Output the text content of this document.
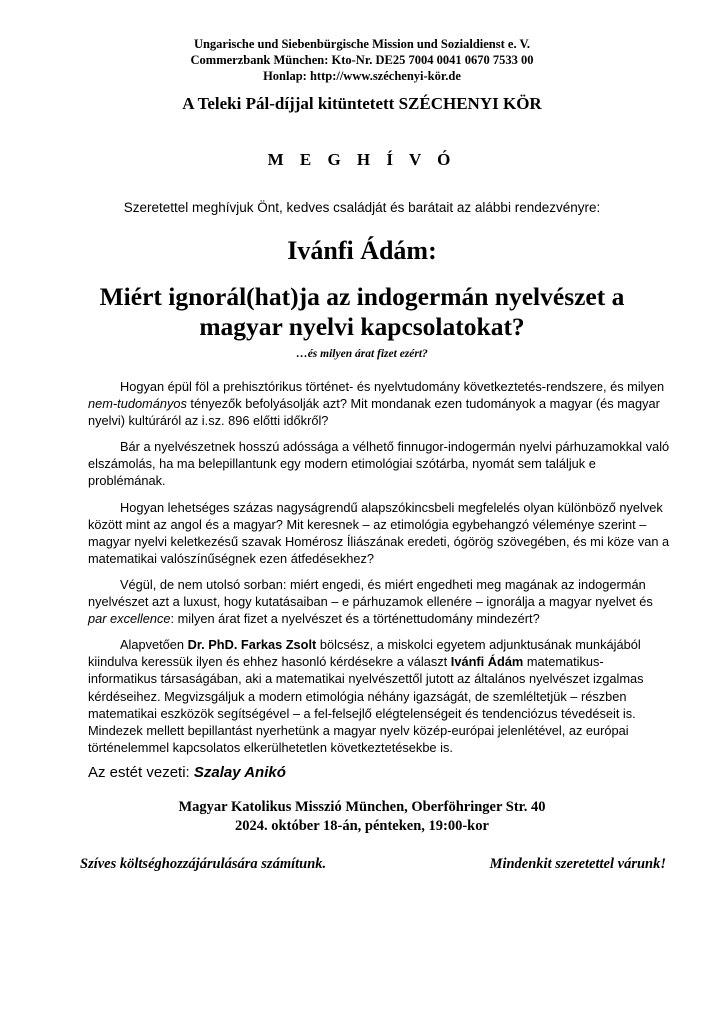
Ungarische und Siebenbürgische Mission und Sozialdienst e. V.
Commerzbank München: Kto-Nr. DE25 7004 0041 0670 7533 00
Honlap: http://www.széchenyi-kör.de
A Teleki Pál-díjjal kitüntetett SZÉCHENYI KÖR
M E G H Í V Ó
Szeretettel meghívjuk Önt, kedves családját és barátait az alábbi rendezvényre:
Ivánfi Ádám:
Miért ignorál(hat)ja az indogermán nyelvészet a magyar nyelvi kapcsolatokat?
…és milyen árat fizet ezért?

Hogyan épül föl a prehisztórikus történet- és nyelvtudomány következtetés-rendszere, és milyen nem-tudományos tényezők befolyásolják azt? Mit mondanak ezen tudományok a magyar (és magyar nyelvi) kultúráról az i.sz. 896 előtti időkről?

Bár a nyelvészetnek hosszú adóssága a vélhető finnugor-indogermán nyelvi párhuzamokkal való elszámolás, ha ma belepillantunk egy modern etimológiai szótárba, nyomát sem találjuk e problémának.

Hogyan lehetséges százas nagyságrendű alapszókincsbeli megfelelés olyan különböző nyelvek között mint az angol és a magyar? Mit keresnek – az etimológia egybehangzó véleménye szerint – magyar nyelvi keletkezésű szavak Homérosz Íliászának eredeti, ógörög szövegében, és mi köze van a matematikai valószínűségnek ezen átfedésekhez?

Végül, de nem utolsó sorban: miért engedi, és miért engedheti meg magának az indogermán nyelvészet azt a luxust, hogy kutatásaiban – e párhuzamok ellenére – ignorálja a magyar nyelvet és par excellence: milyen árat fizet a nyelvészet és a történettudomány mindezért?

Alapvetően Dr. PhD. Farkas Zsolt bölcsész, a miskolci egyetem adjunktusának munkájából kiindulva keressük ilyen és ehhez hasonló kérdésekre a választ Ivánfi Ádám matematikus-informatikus társaságában, aki a matematikai nyelvészettől jutott az általános nyelvészet izgalmas kérdéseihez. Megvizsgáljuk a modern etimológia néhány igazságát, de szemléltetjük – részben matematikai eszközök segítségével – a fel-felsejlő elégtelenségeit és tendenciózus tévedéseit is. Mindezek mellett bepillantást nyerhetünk a magyar nyelv közép-európai jelenlétével, az európai történelemmel kapcsolatos elkerülhetetlen következtetésekbe is.

Az estét vezeti: Szalay Anikó
Magyar Katolikus Misszió München, Oberföhringer Str. 40
2024. október 18-án, pénteken, 19:00-kor
Szíves költséghozzájárulására számítunk.	Mindenkit szeretettel várunk!
